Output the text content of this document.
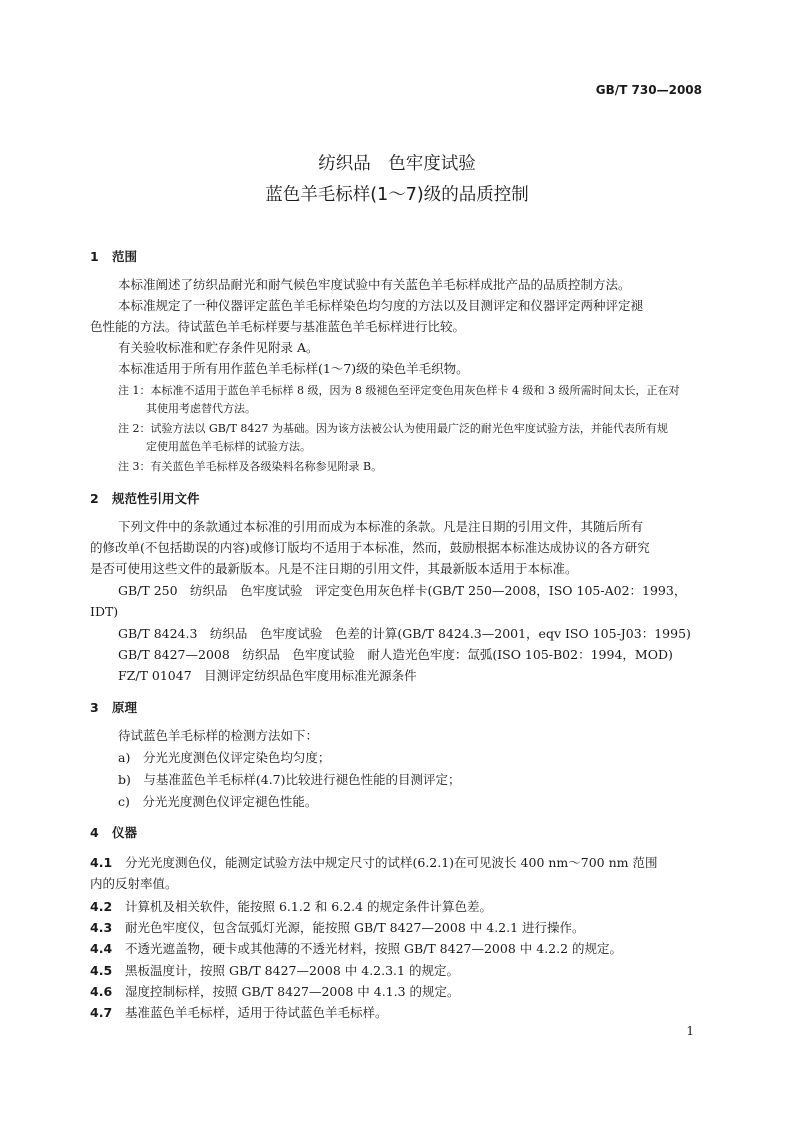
GB/T 730—2008
纺织品　色牢度试验
蓝色羊毛标样(1～7)级的品质控制
1 范围
本标准阐述了纺织品耐光和耐气候色牢度试验中有关蓝色羊毛标样成批产品的品质控制方法。
本标准规定了一种仪器评定蓝色羊毛标样染色均匀度的方法以及目测评定和仪器评定两种评定褪
色性能的方法。待试蓝色羊毛标样要与基准蓝色羊毛标样进行比较。
有关验收标准和贮存条件见附录 A。
本标准适用于所有用作蓝色羊毛标样(1～7)级的染色羊毛织物。
注 1：本标准不适用于蓝色羊毛标样 8 级，因为 8 级褪色至评定变色用灰色样卡 4 级和 3 级所需时间太长，正在对
其使用考虑替代方法。
注 2：试验方法以 GB/T 8427 为基础。因为该方法被公认为使用最广泛的耐光色牢度试验方法，并能代表所有规
定使用蓝色羊毛标样的试验方法。
注 3：有关蓝色羊毛标样及各级染料名称参见附录 B。
2 规范性引用文件
下列文件中的条款通过本标准的引用而成为本标准的条款。凡是注日期的引用文件，其随后所有
的修改单(不包括勘误的内容)或修订版均不适用于本标准，然而，鼓励根据本标准达成协议的各方研究
是否可使用这些文件的最新版本。凡是不注日期的引用文件，其最新版本适用于本标准。
GB/T 250　纺织品　色牢度试验　评定变色用灰色样卡(GB/T 250—2008，ISO 105-A02：1993，
IDT)
GB/T 8424.3　纺织品　色牢度试验　色差的计算(GB/T 8424.3—2001，eqv ISO 105-J03：1995)
GB/T 8427—2008　纺织品　色牢度试验　耐人造光色牢度：氙弧(ISO 105-B02：1994，MOD)
FZ/T 01047　目测评定纺织品色牢度用标准光源条件
3 原理
待试蓝色羊毛标样的检测方法如下：
a)　分光光度测色仪评定染色均匀度；
b)　与基准蓝色羊毛标样(4.7)比较进行褪色性能的目测评定；
c)　分光光度测色仪评定褪色性能。
4 仪器
4.1 分光光度测色仪，能测定试验方法中规定尺寸的试样(6.2.1)在可见波长 400 nm～700 nm 范围
内的反射率值。
4.2 计算机及相关软件，能按照 6.1.2 和 6.2.4 的规定条件计算色差。
4.3 耐光色牢度仪，包含氙弧灯光源，能按照 GB/T 8427—2008 中 4.2.1 进行操作。
4.4 不透光遮盖物，硬卡或其他薄的不透光材料，按照 GB/T 8427—2008 中 4.2.2 的规定。
4.5 黑板温度计，按照 GB/T 8427—2008 中 4.2.3.1 的规定。
4.6 湿度控制标样，按照 GB/T 8427—2008 中 4.1.3 的规定。
4.7 基准蓝色羊毛标样，适用于待试蓝色羊毛标样。
1
